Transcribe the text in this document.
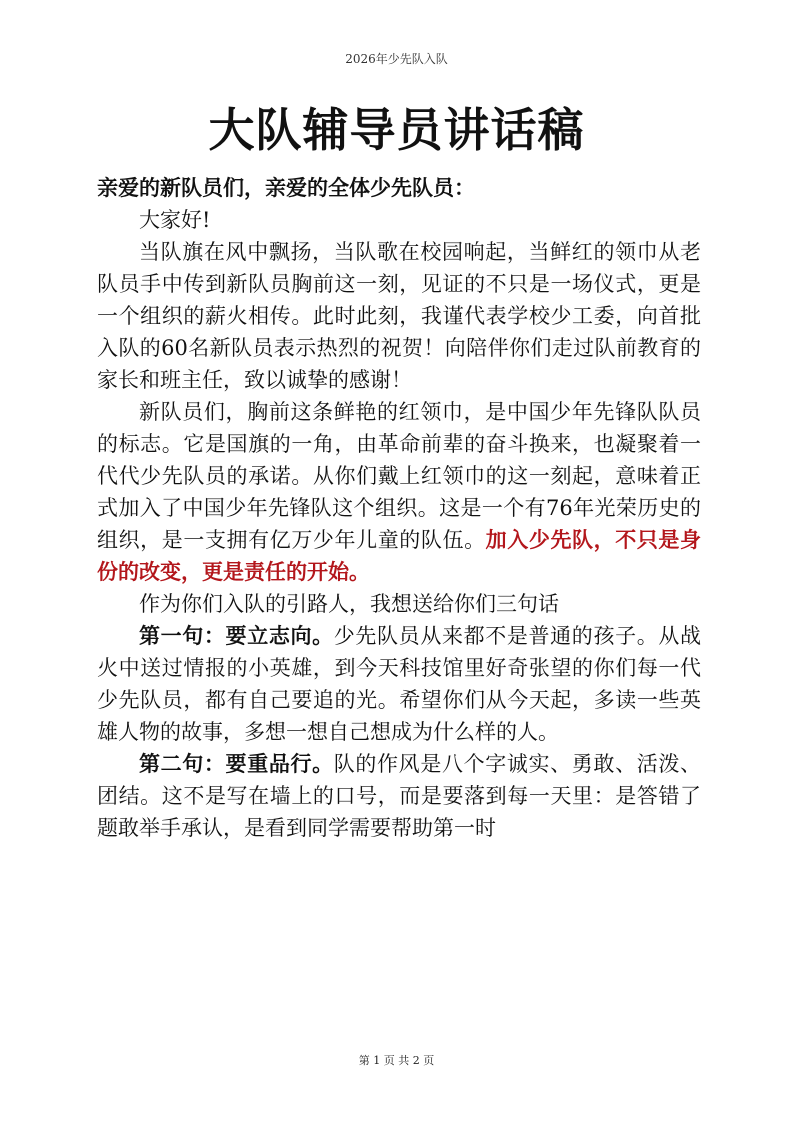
2026年少先队入队
大队辅导员讲话稿

亲爱的新队员们，亲爱的全体少先队员：

大家好!

当队旗在风中飘扬，当队歌在校园响起，当鲜红的领巾从老队员手中传到新队员胸前这一刻，见证的不只是一场仪式，更是一个组织的薪火相传。此时此刻，我谨代表学校少工委，向首批入队的60名新队员表示热烈的祝贺！向陪伴你们走过队前教育的家长和班主任，致以诚挚的感谢！

新队员们，胸前这条鲜艳的红领巾，是中国少年先锋队队员的标志。它是国旗的一角，由革命前辈的奋斗换来，也凝聚着一代代少先队员的承诺。从你们戴上红领巾的这一刻起，意味着正式加入了中国少年先锋队这个组织。这是一个有76年光荣历史的组织，是一支拥有亿万少年儿童的队伍。加入少先队，不只是身份的改变，更是责任的开始。

作为你们入队的引路人，我想送给你们三句话

第一句：要立志向。少先队员从来都不是普通的孩子。从战火中送过情报的小英雄，到今天科技馆里好奇张望的你们每一代少先队员，都有自己要追的光。希望你们从今天起，多读一些英雄人物的故事，多想一想自己想成为什么样的人。

第二句：要重品行。队的作风是八个字诚实、勇敢、活泼、团结。这不是写在墙上的口号，而是要落到每一天里：是答错了题敢举手承认，是看到同学需要帮助第一时

第 1 页 共 2 页
